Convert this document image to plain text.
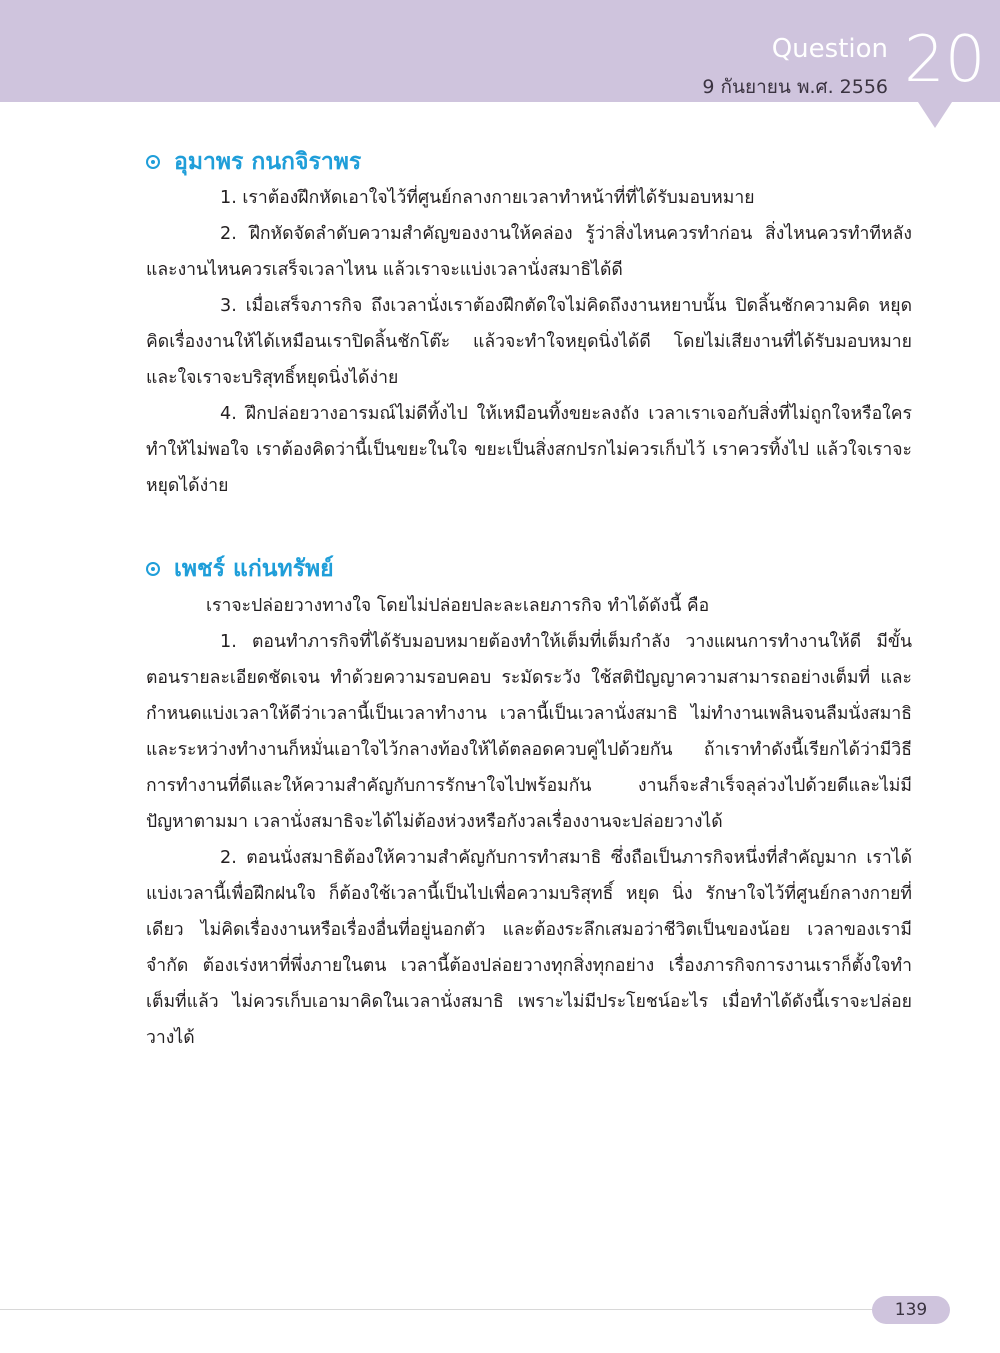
Question
9 กันยายน พ.ศ. 2556 20
อุมาพร กนกจิราพร

1. เราต้องฝึกหัดเอาใจไว้ที่ศูนย์กลางกายเวลาทำหน้าที่ที่ได้รับมอบหมาย

2. ฝึกหัดจัดลำดับความสำคัญของงานให้คล่อง รู้ว่าสิ่งไหนควรทำก่อน สิ่งไหนควรทำทีหลัง และงานไหนควรเสร็จเวลาไหน แล้วเราจะแบ่งเวลานั่งสมาธิได้ดี

3. เมื่อเสร็จภารกิจ ถึงเวลานั่งเราต้องฝึกตัดใจไม่คิดถึงงานหยาบนั้น ปิดลิ้นชักความคิด หยุดคิดเรื่องงานให้ได้เหมือนเราปิดลิ้นชักโต๊ะ แล้วจะทำใจหยุดนิ่งได้ดี โดยไม่เสียงานที่ได้รับมอบหมาย และใจเราจะบริสุทธิ์หยุดนิ่งได้ง่าย

4. ฝึกปล่อยวางอารมณ์ไม่ดีทิ้งไป ให้เหมือนทิ้งขยะลงถัง เวลาเราเจอกับสิ่งที่ไม่ถูกใจหรือใครทำให้ไม่พอใจ เราต้องคิดว่านี้เป็นขยะในใจ ขยะเป็นสิ่งสกปรกไม่ควรเก็บไว้ เราควรทิ้งไป แล้วใจเราจะหยุดได้ง่าย

เพชร์ แก่นทรัพย์

เราจะปล่อยวางทางใจ โดยไม่ปล่อยปละละเลยภารกิจ ทำได้ดังนี้ คือ

1. ตอนทำภารกิจที่ได้รับมอบหมายต้องทำให้เต็มที่เต็มกำลัง วางแผนการทำงานให้ดี มีขั้นตอนรายละเอียดชัดเจน ทำด้วยความรอบคอบ ระมัดระวัง ใช้สติปัญญาความสามารถอย่างเต็มที่ และกำหนดแบ่งเวลาให้ดีว่าเวลานี้เป็นเวลาทำงาน เวลานี้เป็นเวลานั่งสมาธิ ไม่ทำงานเพลินจนลืมนั่งสมาธิ และระหว่างทำงานก็หมั่นเอาใจไว้กลางท้องให้ได้ตลอดควบคู่ไปด้วยกัน ถ้าเราทำดังนี้เรียกได้ว่ามีวิธีการทำงานที่ดีและให้ความสำคัญกับการรักษาใจไปพร้อมกัน งานก็จะสำเร็จลุล่วงไปด้วยดีและไม่มีปัญหาตามมา เวลานั่งสมาธิจะได้ไม่ต้องห่วงหรือกังวลเรื่องงานจะปล่อยวางได้

2. ตอนนั่งสมาธิต้องให้ความสำคัญกับการทำสมาธิ ซึ่งถือเป็นภารกิจหนึ่งที่สำคัญมาก เราได้แบ่งเวลานี้เพื่อฝึกฝนใจ ก็ต้องใช้เวลานี้เป็นไปเพื่อความบริสุทธิ์ หยุด นิ่ง รักษาใจไว้ที่ศูนย์กลางกายที่เดียว ไม่คิดเรื่องงานหรือเรื่องอื่นที่อยู่นอกตัว และต้องระลึกเสมอว่าชีวิตเป็นของน้อย เวลาของเรามีจำกัด ต้องเร่งหาที่พึ่งภายในตน เวลานี้ต้องปล่อยวางทุกสิ่งทุกอย่าง เรื่องภารกิจการงานเราก็ตั้งใจทำเต็มที่แล้ว ไม่ควรเก็บเอามาคิดในเวลานั่งสมาธิ เพราะไม่มีประโยชน์อะไร เมื่อทำได้ดังนี้เราจะปล่อยวางได้

139
